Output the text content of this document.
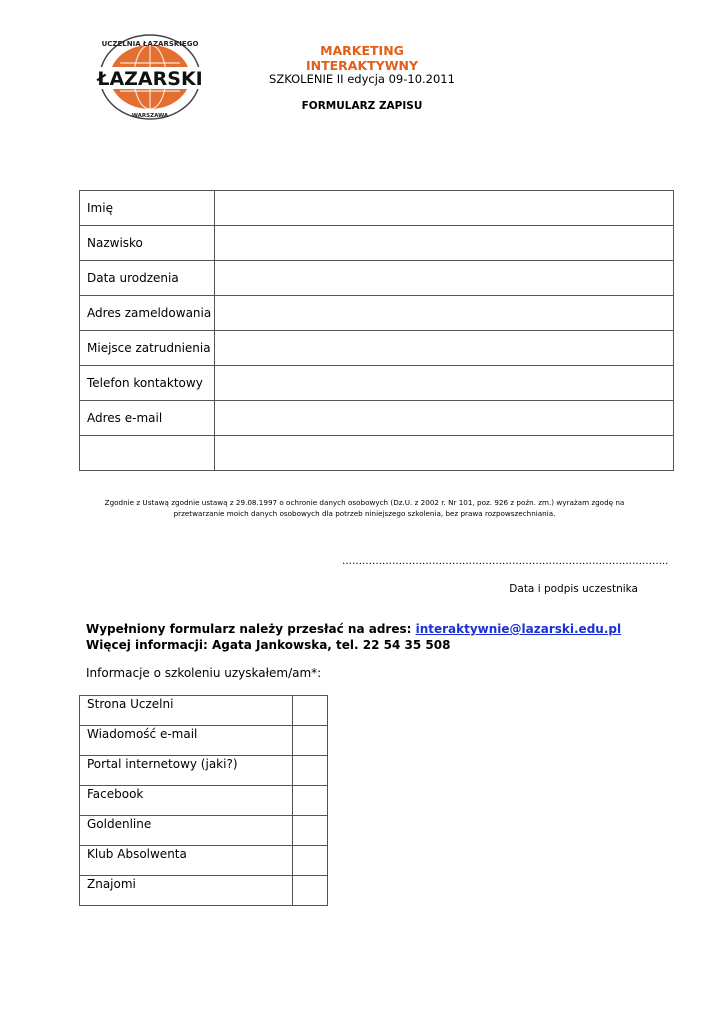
ŁAZARSKI
UCZELNIA ŁAZARSKIEGO
WARSZAWA
MARKETING INTERAKTYWNY
SZKOLENIE II edycja 09-10.2011
FORMULARZ ZAPISU
Imię	
Nazwisko	
Data urodzenia	
Adres zameldowania	
Miejsce zatrudnienia	
Telefon kontaktowy	
Adres e-mail	

Zgodnie z Ustawą zgodnie ustawą z 29.08.1997 o ochronie danych osobowych (Dz.U. z 2002 r. Nr 101, poz. 926 z poźn. zm.) wyrażam zgodę na przetwarzanie moich danych osobowych dla potrzeb niniejszego szkolenia, bez prawa rozpowszechniania.
……………………………………………………………………………………..
Data i podpis uczestnika
Wypełniony formularz należy przesłać na adres: interaktywnie@lazarski.edu.pl
Więcej informacji: Agata Jankowska, tel. 22 54 35 508
Informacje o szkoleniu uzyskałem/am*:
Strona Uczelni	
Wiadomość e-mail	
Portal internetowy (jaki?)	
Facebook	
Goldenline	
Klub Absolwenta	
Znajomi	
